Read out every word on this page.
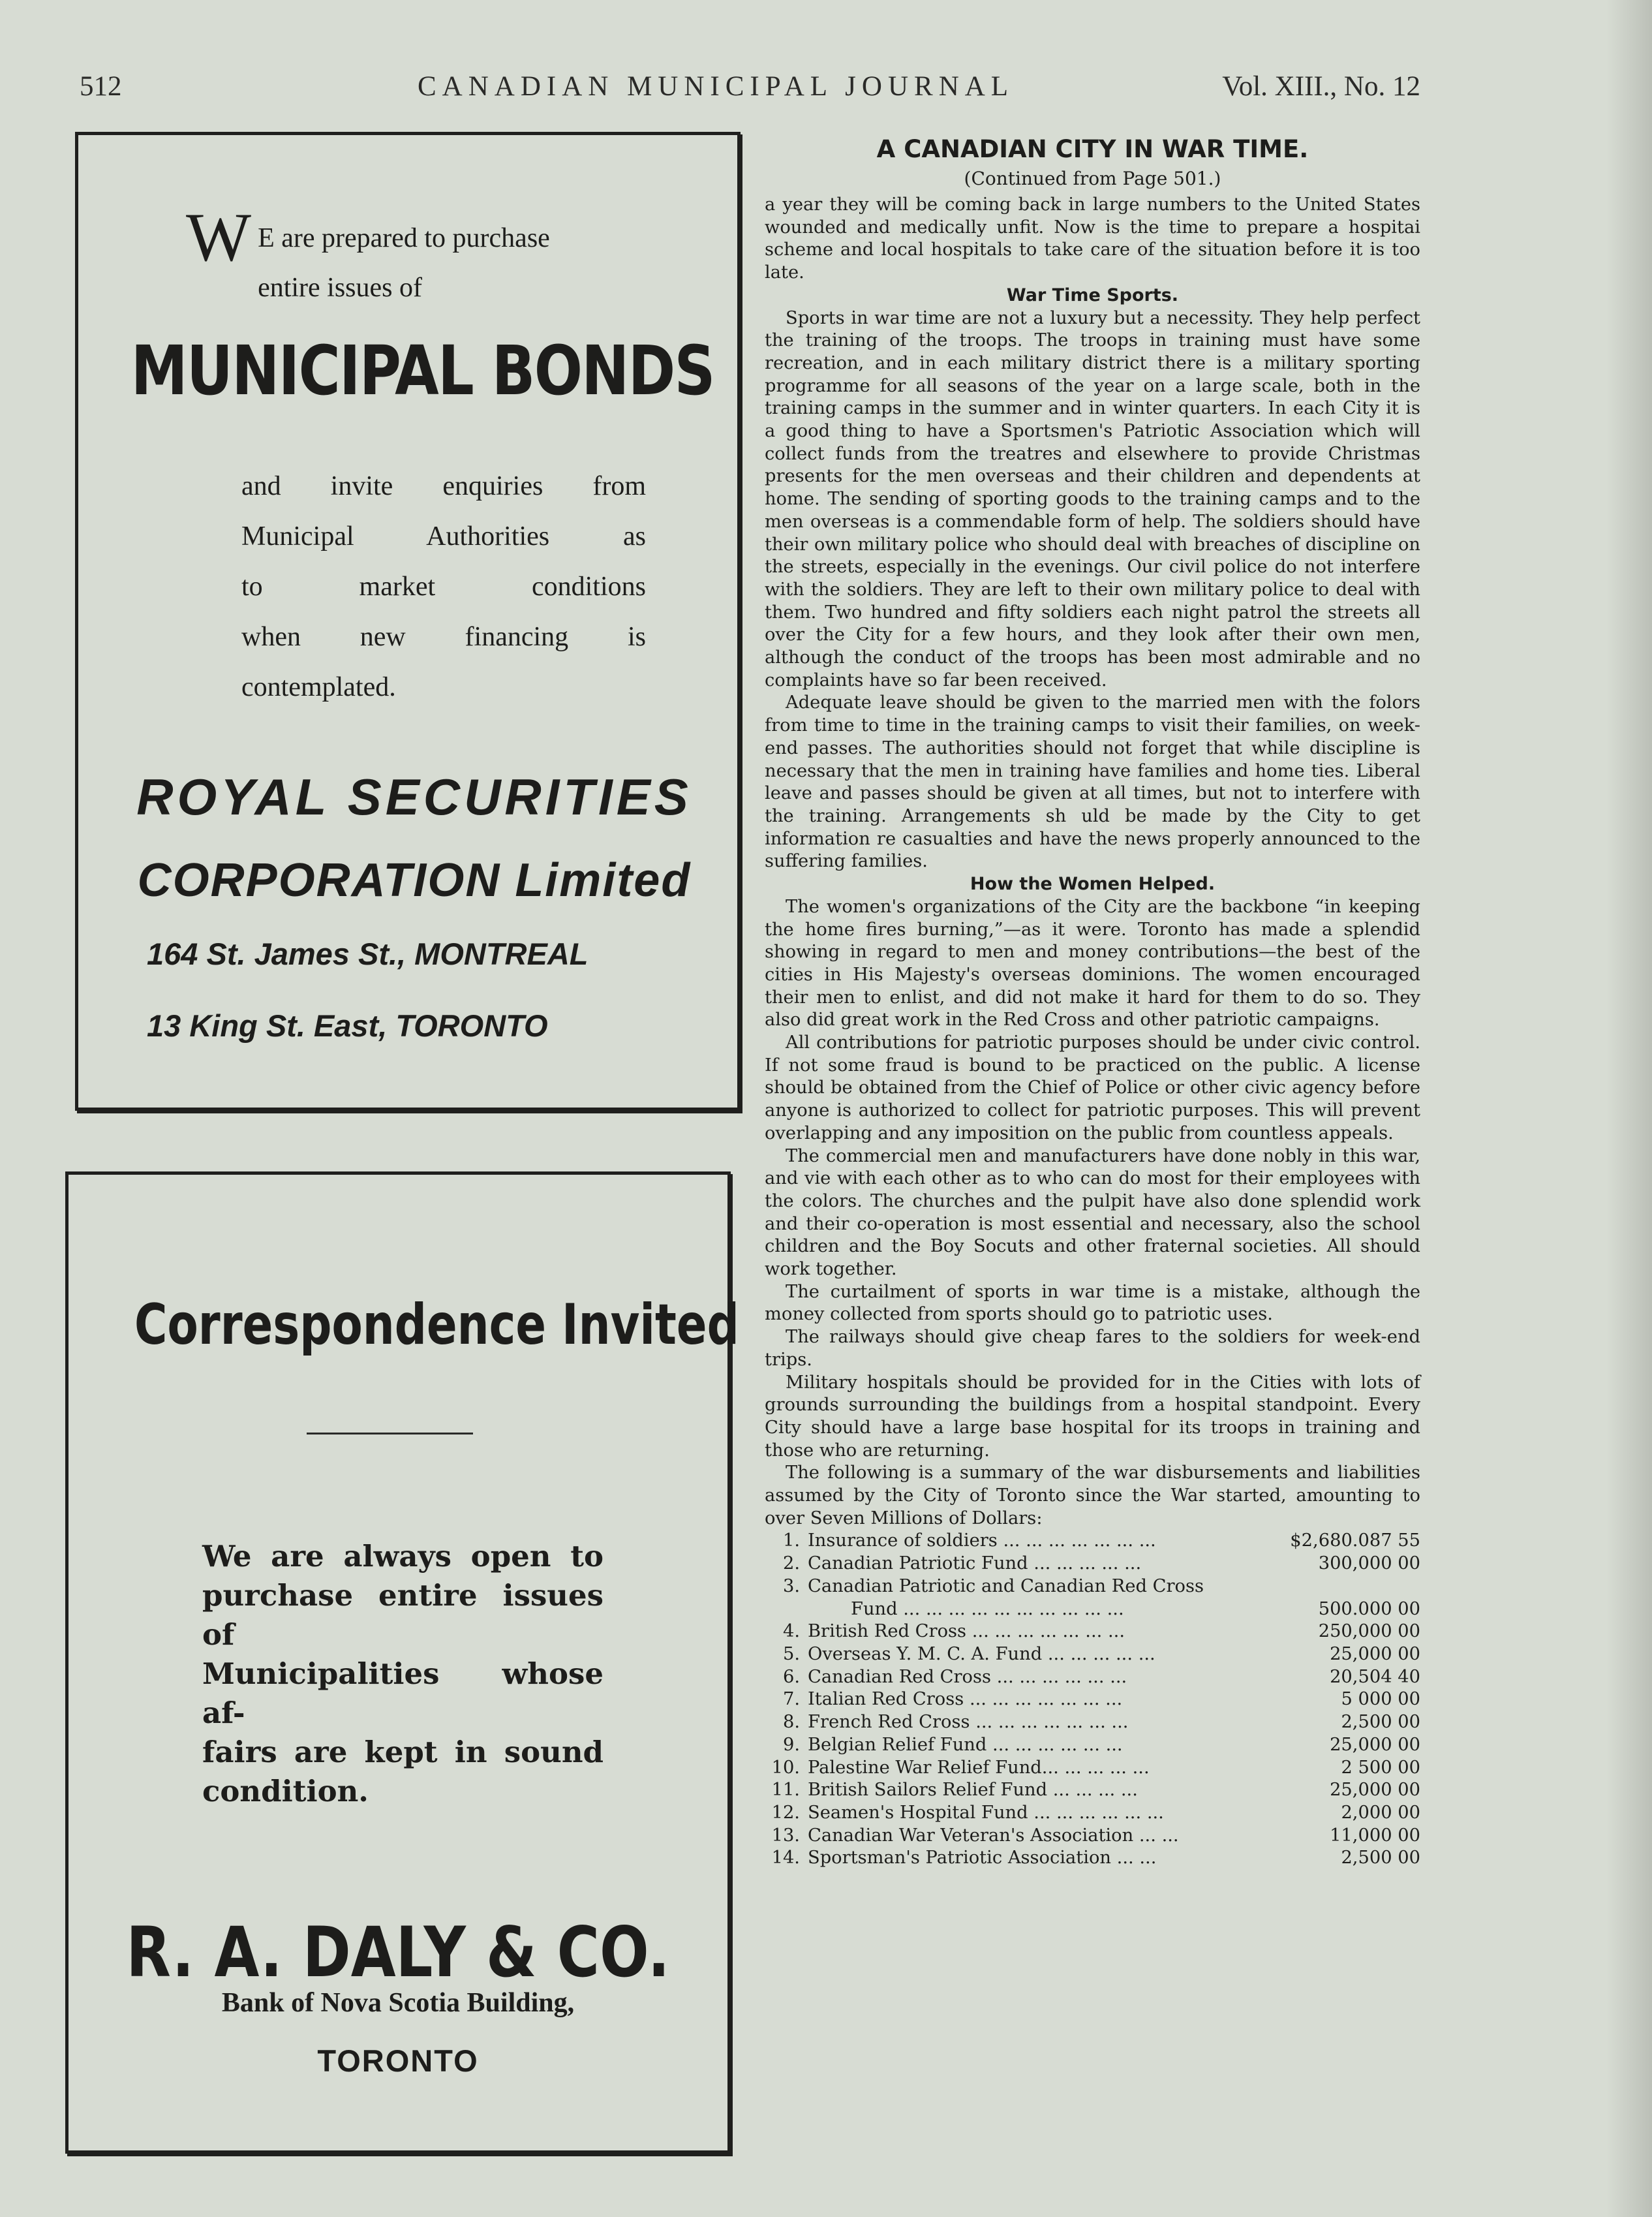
512	CANADIAN MUNICIPAL JOURNAL	Vol. XIII., No. 12
W E are prepared to purchase
entire issues of
MUNICIPAL BONDS
and invite enquiries from
Municipal Authorities as
to market conditions
when new financing is
contemplated.
ROYAL SECURITIES
CORPORATION Limited
164 St. James St., MONTREAL
13 King St. East, TORONTO
Correspondence Invited
We are always open to
purchase entire issues of
Municipalities whose af-
fairs are kept in sound
condition.
R. A. DALY & CO.
Bank of Nova Scotia Building,
TORONTO
A CANADIAN CITY IN WAR TIME.
(Continued from Page 501.)

a year they will be coming back in large numbers to the United States wounded and medically unfit. Now is the time to prepare a hospitai scheme and local hospitals to take care of the situation before it is too late.

War Time Sports.

Sports in war time are not a luxury but a necessity. They help perfect the training of the troops. The troops in training must have some recreation, and in each military district there is a military sporting programme for all seasons of the year on a large scale, both in the training camps in the summer and in winter quarters. In each City it is a good thing to have a Sportsmen's Patriotic Association which will collect funds from the treatres and elsewhere to provide Christmas presents for the men overseas and their children and dependents at home. The sending of sporting goods to the training camps and to the men overseas is a commendable form of help. The soldiers should have their own military police who should deal with breaches of discipline on the streets, especially in the evenings. Our civil police do not interfere with the soldiers. They are left to their own military police to deal with them. Two hundred and fifty soldiers each night patrol the streets all over the City for a few hours, and they look after their own men, although the conduct of the troops has been most admirable and no complaints have so far been received.

Adequate leave should be given to the married men with the folors from time to time in the training camps to visit their families, on week-end passes. The authorities should not forget that while discipline is necessary that the men in training have families and home ties. Liberal leave and passes should be given at all times, but not to interfere with the training. Arrangements sh uld be made by the City to get information re casualties and have the news properly announced to the suffering families.

How the Women Helped.

The women's organizations of the City are the backbone “in keeping the home fires burning,”—as it were. Toronto has made a splendid showing in regard to men and money contributions—the best of the cities in His Majesty's overseas dominions. The women encouraged their men to enlist, and did not make it hard for them to do so. They also did great work in the Red Cross and other patriotic campaigns.

All contributions for patriotic purposes should be under civic control. If not some fraud is bound to be practiced on the public. A license should be obtained from the Chief of Police or other civic agency before anyone is authorized to collect for patriotic purposes. This will prevent overlapping and any imposition on the public from countless appeals.

The commercial men and manufacturers have done nobly in this war, and vie with each other as to who can do most for their employees with the colors. The churches and the pulpit have also done splendid work and their co-operation is most essential and necessary, also the school children and the Boy Socuts and other fraternal societies. All should work together.

The curtailment of sports in war time is a mistake, although the money collected from sports should go to patriotic uses.

The railways should give cheap fares to the soldiers for week-end trips.

Military hospitals should be provided for in the Cities with lots of grounds surrounding the buildings from a hospital standpoint. Every City should have a large base hospital for its troops in training and those who are returning.

The following is a summary of the war disbursements and liabilities assumed by the City of Toronto since the War started, amounting to over Seven Millions of Dollars:

1. Insurance of soldiers ... ... ... ... ... ... ...	$2,680.087 55
2. Canadian Patriotic Fund ... ... ... ... ...	300,000 00
3. Canadian Patriotic and Canadian Red Cross
Fund ... ... ... ... ... ... ... ... ... ...	500.000 00
4. British Red Cross ... ... ... ... ... ... ...	250,000 00
5. Overseas Y. M. C. A. Fund ... ... ... ... ...	25,000 00
6. Canadian Red Cross ... ... ... ... ... ...	20,504 40
7. Italian Red Cross ... ... ... ... ... ... ...	5 000 00
8. French Red Cross ... ... ... ... ... ... ...	2,500 00
9. Belgian Relief Fund ... ... ... ... ... ...	25,000 00
10. Palestine War Relief Fund... ... ... ... ...	2 500 00
11. British Sailors Relief Fund ... ... ... ...	25,000 00
12. Seamen's Hospital Fund ... ... ... ... ... ...	2,000 00
13. Canadian War Veteran's Association ... ...	11,000 00
14. Sportsman's Patriotic Association ... ...	2,500 00
